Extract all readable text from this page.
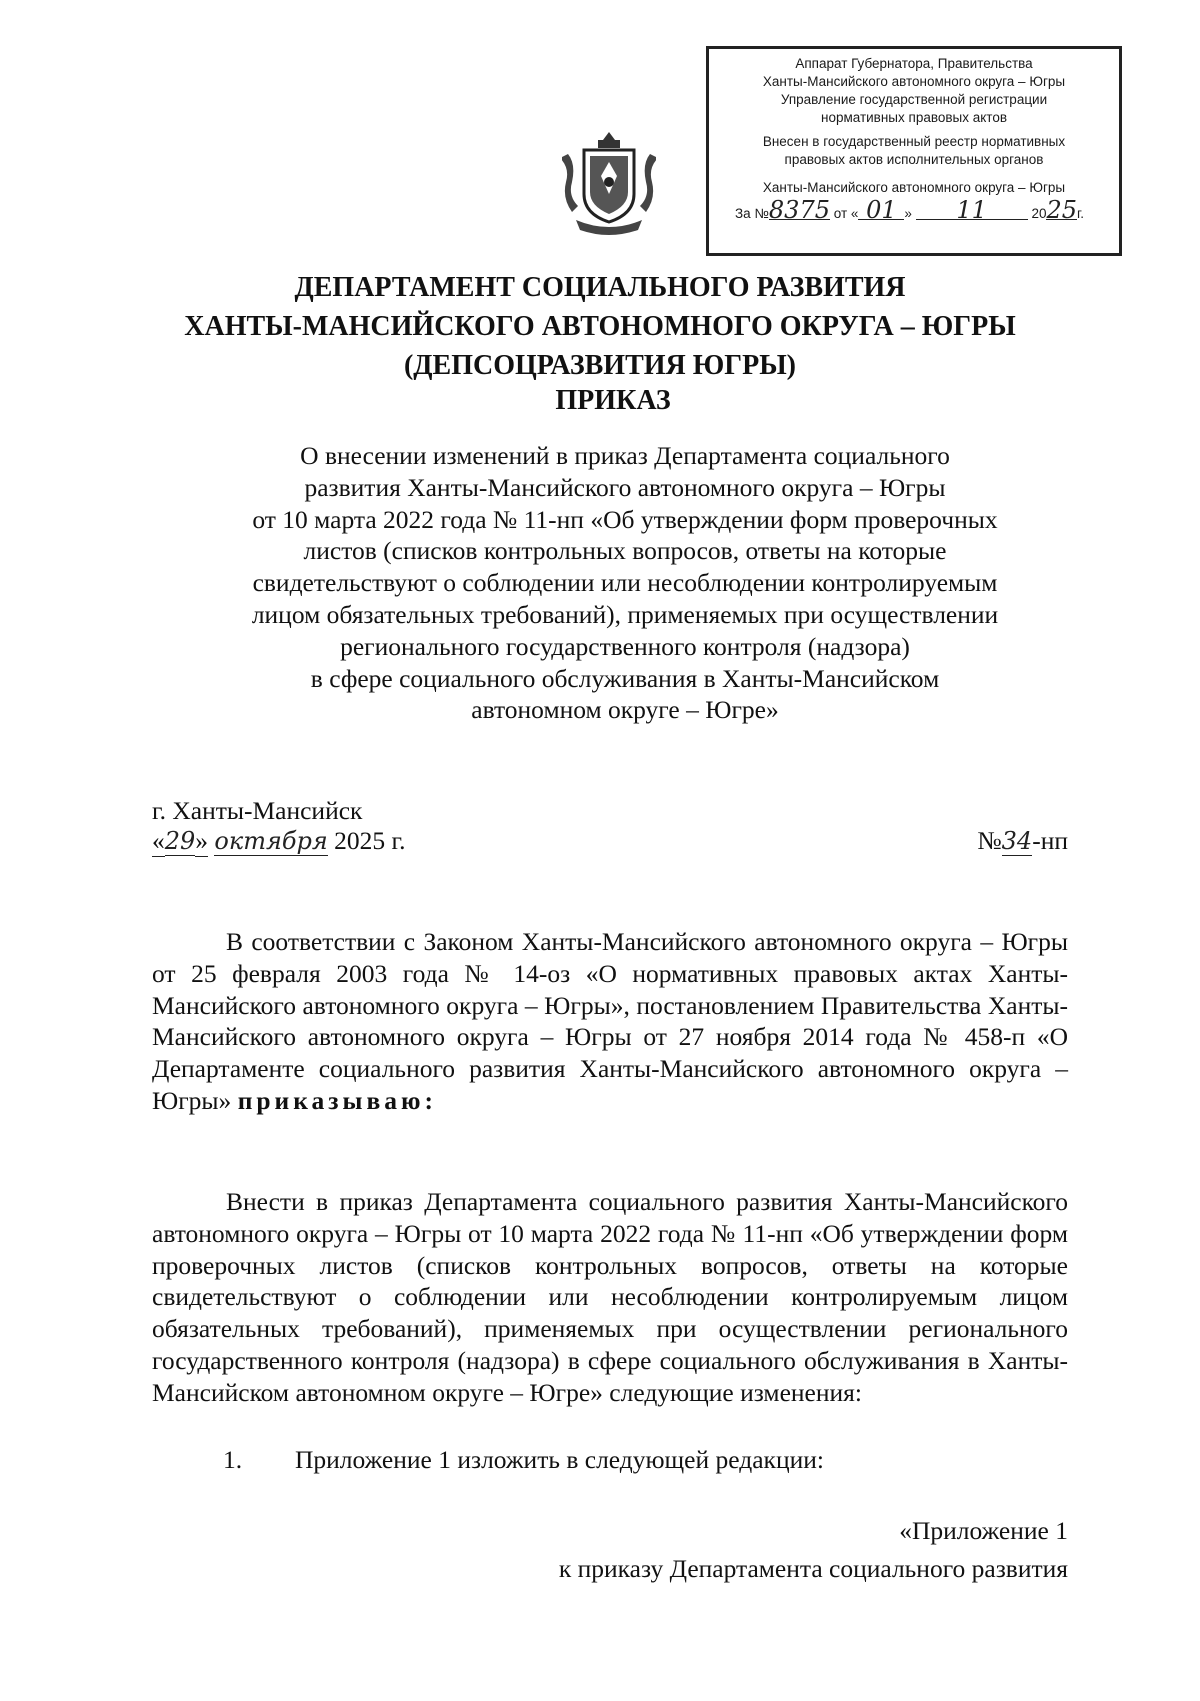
Аппарат Губернатора, Правительства
Ханты-Мансийского автономного округа – Югры
Управление государственной регистрации
нормативных правовых актов
Внесен в государственный реестр нормативных
правовых актов исполнительных органов
Ханты-Мансийского автономного округа – Югры
За №8375 от « 01 » 11	2025г.
ДЕПАРТАМЕНТ СОЦИАЛЬНОГО РАЗВИТИЯ
ХАНТЫ-МАНСИЙСКОГО АВТОНОМНОГО ОКРУГА – ЮГРЫ
(ДЕПСОЦРАЗВИТИЯ ЮГРЫ)
ПРИКАЗ
О внесении изменений в приказ Департамента социального
развития Ханты-Мансийского автономного округа – Югры
от 10 марта 2022 года № 11-нп «Об утверждении форм проверочных
листов (списков контрольных вопросов, ответы на которые
свидетельствуют о соблюдении или несоблюдении контролируемым
лицом обязательных требований), применяемых при осуществлении
регионального государственного контроля (надзора)
в сфере социального обслуживания в Ханты-Мансийском
автономном округе – Югре»
г. Ханты-Мансийск
«29» октября 2025 г.	№34-нп
В соответствии с Законом Ханты-Мансийского автономного округа – Югры от 25 февраля 2003 года № 14-оз «О нормативных правовых актах Ханты-Мансийского автономного округа – Югры», постановлением Правительства Ханты-Мансийского автономного округа – Югры от 27 ноября 2014 года № 458-п «О Департаменте социального развития Ханты-Мансийского автономного округа – Югры» приказываю:
Внести в приказ Департамента социального развития Ханты-Мансийского автономного округа – Югры от 10 марта 2022 года № 11-нп «Об утверждении форм проверочных листов (списков контрольных вопросов, ответы на которые свидетельствуют о соблюдении или несоблюдении контролируемым лицом обязательных требований), применяемых при осуществлении регионального государственного контроля (надзора) в сфере социального обслуживания в Ханты-Мансийском автономном округе – Югре» следующие изменения:
1. Приложение 1 изложить в следующей редакции:
«Приложение 1
к приказу Департамента социального развития
